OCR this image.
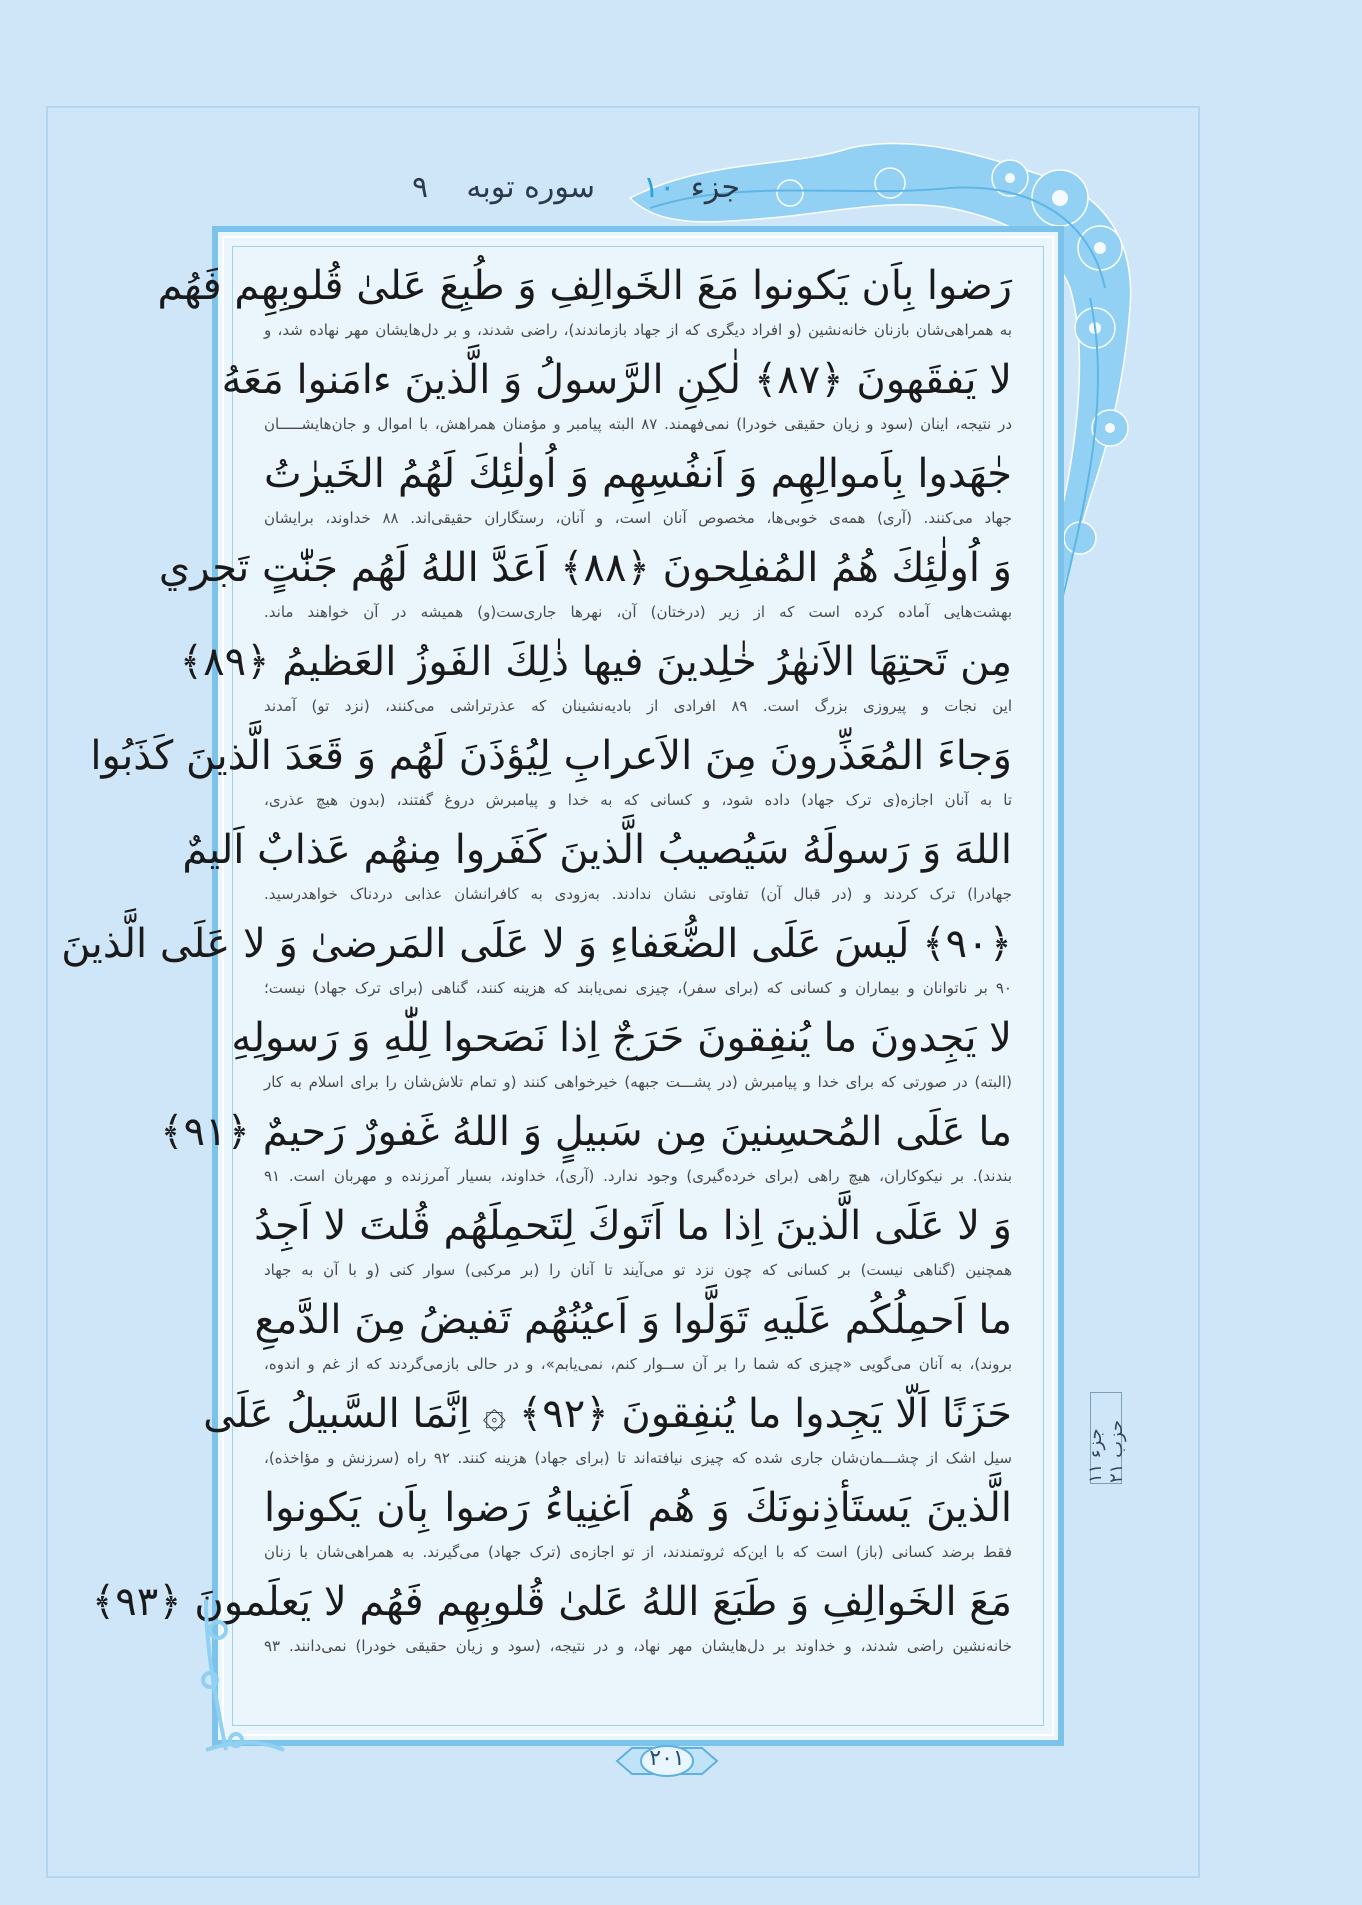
جزء ۱۰
سوره توبه    ۹
رَضوا بِاَن يَكونوا مَعَ الخَوالِفِ وَ طُبِعَ عَلىٰ قُلوبِهِم فَهُم
به همراهی‌شان بازنان خانه‌نشین (و افراد دیگری که از جهاد بازماندند)، راضی شدند، و بر دل‌هایشان مهر نهاده شد، و
لا يَفقَهونَ ﴿٨٧﴾ لٰكِنِ الرَّسولُ وَ الَّذينَ ءامَنوا مَعَهُ
در نتیجه، اینان (سود و زیان حقیقی خودرا) نمی‌فهمند. ۸۷ البته پیامبر و مؤمنان همراهش، با اموال و جان‌هایشـــــان
جٰهَدوا بِاَموالِهِم وَ اَنفُسِهِم وَ اُولٰئِكَ لَهُمُ الخَيرٰتُ
جهاد می‌کنند. (آری) همه‌ی خوبی‌ها، مخصوص آنان است، و آنان، رستگاران حقیقی‌اند. ۸۸ خداوند، برایشان
وَ اُولٰئِكَ هُمُ المُفلِحونَ ﴿٨٨﴾ اَعَدَّ اللهُ لَهُم جَنّٰتٍ تَجري
بهشت‌هایی آماده کرده است که از زیر (درختان) آن، نهرها جاری‌ست(و) همیشه در آن خواهند ماند.
مِن تَحتِهَا الاَنهٰرُ خٰلِدينَ فيها ذٰلِكَ الفَوزُ العَظيمُ ﴿٨٩﴾
این نجات و پیروزی بزرگ است. ۸۹ افرادی از بادیه‌نشینان که عذرتراشی می‌کنند، (نزد تو) آمدند
وَجاءَ المُعَذِّرونَ مِنَ الاَعرابِ لِيُؤذَنَ لَهُم وَ قَعَدَ الَّذينَ كَذَبُوا
تا به آنان اجازه(ی ترک جهاد) داده شود، و کسانی که به خدا و پیامبرش دروغ گفتند، (بدون هیچ عذری،
اللهَ وَ رَسولَهُ سَيُصيبُ الَّذينَ كَفَروا مِنهُم عَذابٌ اَليمٌ
جهادرا) ترک کردند و (در قبال آن) تفاوتی نشان ندادند. به‌زودی به کافرانشان عذابی دردناک خواهدرسید.
﴿٩٠﴾ لَيسَ عَلَى الضُّعَفاءِ وَ لا عَلَى المَرضىٰ وَ لا عَلَى الَّذينَ
۹۰ بر ناتوانان و بیماران و کسانی که (برای سفر)، چیزی نمی‌یابند که هزینه کنند، گناهی (برای ترک جهاد) نیست؛
لا يَجِدونَ ما يُنفِقونَ حَرَجٌ اِذا نَصَحوا لِلّٰهِ وَ رَسولِهِ
(البته) در صورتی که برای خدا و پیامبرش (در پشـــت جبهه) خیرخواهی کنند (و تمام تلاش‌شان را برای اسلام به کار
ما عَلَى المُحسِنينَ مِن سَبيلٍ وَ اللهُ غَفورٌ رَحيمٌ ﴿٩١﴾
بندند). بر نیکوکاران، هیچ راهی (برای خرده‌گیری) وجود ندارد. (آری)، خداوند، بسیار آمرزنده و مهربان است. ۹۱
وَ لا عَلَى الَّذينَ اِذا ما اَتَوكَ لِتَحمِلَهُم قُلتَ لا اَجِدُ
همچنین (گناهی نیست) بر کسانی که چون نزد تو می‌آیند تا آنان را (بر مرکبی) سوار کنی (و با آن به جهاد
ما اَحمِلُكُم عَلَيهِ تَوَلَّوا وَ اَعيُنُهُم تَفيضُ مِنَ الدَّمعِ
بروند)، به آنان می‌گویی «چیزی که شما را بر آن ســوار کنم، نمی‌یابم»، و در حالی بازمی‌گردند که از غم و اندوه،
حَزَنًا اَلّا يَجِدوا ما يُنفِقونَ ﴿٩٢﴾ ۞ اِنَّمَا السَّبيلُ عَلَى
سیل اشک از چشـــمان‌شان جاری شده که چیزی نیافته‌اند تا (برای جهاد) هزینه کنند. ۹۲ راه (سرزنش و مؤاخذه)،
الَّذينَ يَستَأذِنونَكَ وَ هُم اَغنِياءُ رَضوا بِاَن يَكونوا
فقط برضد کسانی (باز) است که با این‌که ثروتمندند، از تو اجازه‌ی (ترک جهاد) می‌گیرند. به همراهی‌شان با زنان
مَعَ الخَوالِفِ وَ طَبَعَ اللهُ عَلىٰ قُلوبِهِم فَهُم لا يَعلَمونَ ﴿٩٣﴾
خانه‌نشین راضی شدند، و خداوند بر دل‌هایشان مهر نهاد، و در نتیجه، (سود و زیان حقیقی خودرا) نمی‌دانند. ۹۳
جزء ۱۱ حزب ۲۱
۲۰۱
